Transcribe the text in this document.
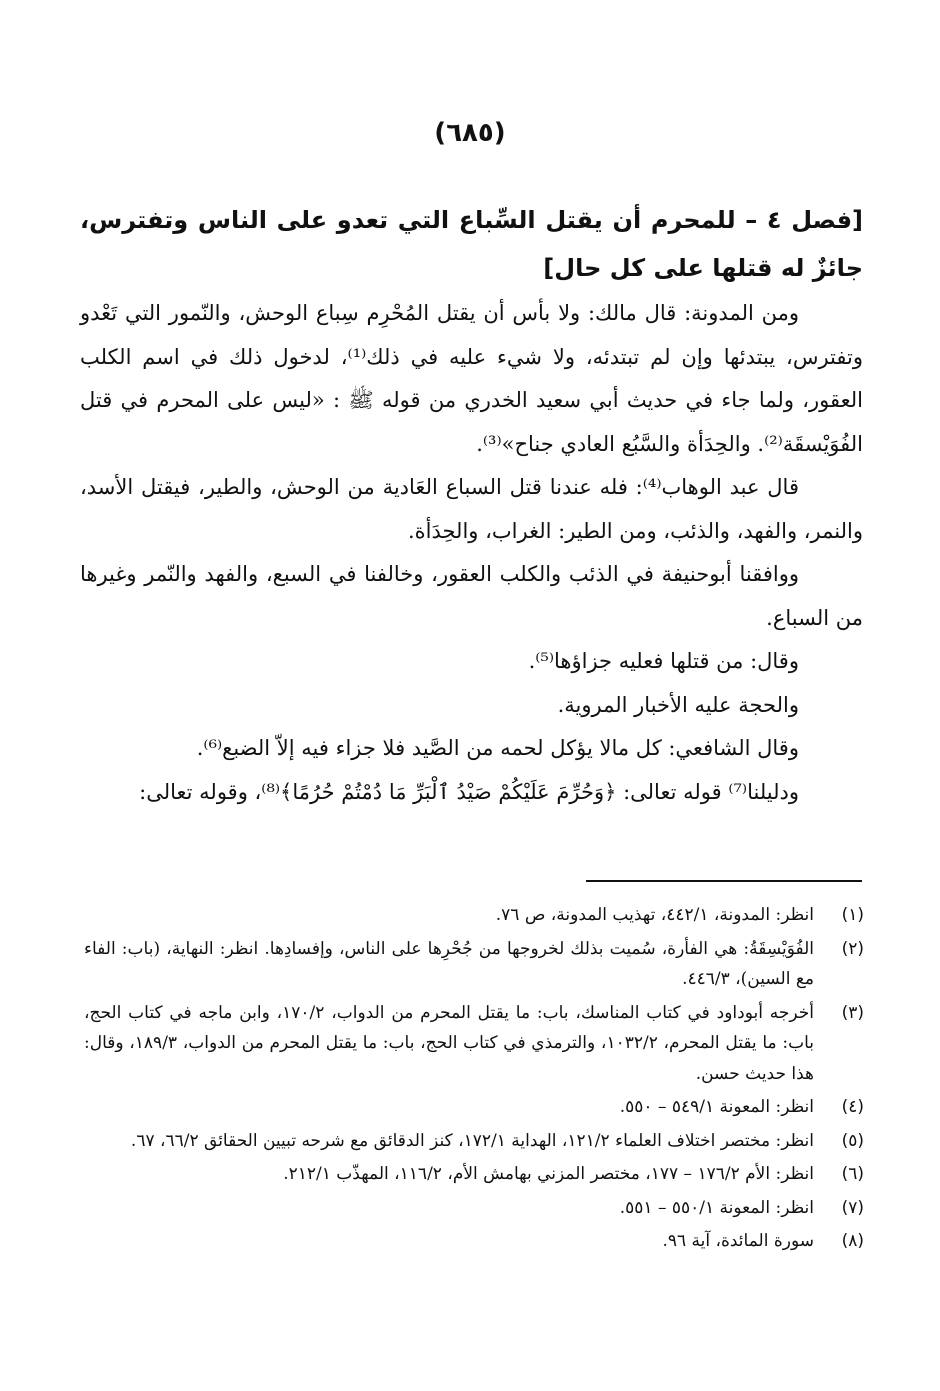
(٦٨٥)
[فصل ٤ – للمحرم أن يقتل السِّباع التي تعدو على الناس وتفترس، جائزٌ له قتلها على كل حال]
ومن المدونة: قال مالك: ولا بأس أن يقتل المُحْرِم سِباع الوحش، والنّمور التي تَعْدو وتفترس، يبتدئها وإن لم تبتدئه، ولا شيء عليه في ذلك⁽¹⁾، لدخول ذلك في اسم الكلب العقور، ولما جاء في حديث أبي سعيد الخدري من قوله ﷺ : «ليس على المحرم في قتل الفُوَيْسقَة⁽²⁾. والحِدَأة والسَّبُع العادي جناح»⁽³⁾.
قال عبد الوهاب⁽⁴⁾: فله عندنا قتل السباع العَادية من الوحش، والطير، فيقتل الأسد، والنمر، والفهد، والذئب، ومن الطير: الغراب، والحِدَأة.
ووافقنا أبوحنيفة في الذئب والكلب العقور، وخالفنا في السبع، والفهد والنّمر وغيرها من السباع.
وقال: من قتلها فعليه جزاؤها⁽⁵⁾.
والحجة عليه الأخبار المروية.
وقال الشافعي: كل مالا يؤكل لحمه من الصَّيد فلا جزاء فيه إلاّ الضبع⁽⁶⁾.
ودليلنا⁽⁷⁾ قوله تعالى: ﴿وَحُرِّمَ عَلَيْكُمْ صَيْدُ ٱلْبَرِّ مَا دُمْتُمْ حُرُمًا﴾⁽⁸⁾، وقوله تعالى:
(١)
انظر: المدونة، ٤٤٢/١، تهذيب المدونة، ص ٧٦.
(٢)
الفُوَيْسِقَةُ: هي الفأرة، سُميت بذلك لخروجها من جُحْرِها على الناس، وإفسادِها. انظر: النهاية، (باب: الفاء مع السين)، ٤٤٦/٣.
(٣)
أخرجه أبوداود في كتاب المناسك، باب: ما يقتل المحرم من الدواب، ١٧٠/٢، وابن ماجه في كتاب الحج، باب: ما يقتل المحرم، ١٠٣٢/٢، والترمذي في كتاب الحج، باب: ما يقتل المحرم من الدواب، ١٨٩/٣، وقال: هذا حديث حسن.
(٤)
انظر: المعونة ٥٤٩/١ – ٥٥٠.
(٥)
انظر: مختصر اختلاف العلماء ١٢١/٢، الهداية ١٧٢/١، كنز الدقائق مع شرحه تبيين الحقائق ٦٦/٢، ٦٧.
(٦)
انظر: الأم ١٧٦/٢ – ١٧٧، مختصر المزني بهامش الأم، ١١٦/٢، المهذّب ٢١٢/١.
(٧)
انظر: المعونة ٥٥٠/١ – ٥٥١.
(٨)
سورة المائدة، آية ٩٦.
